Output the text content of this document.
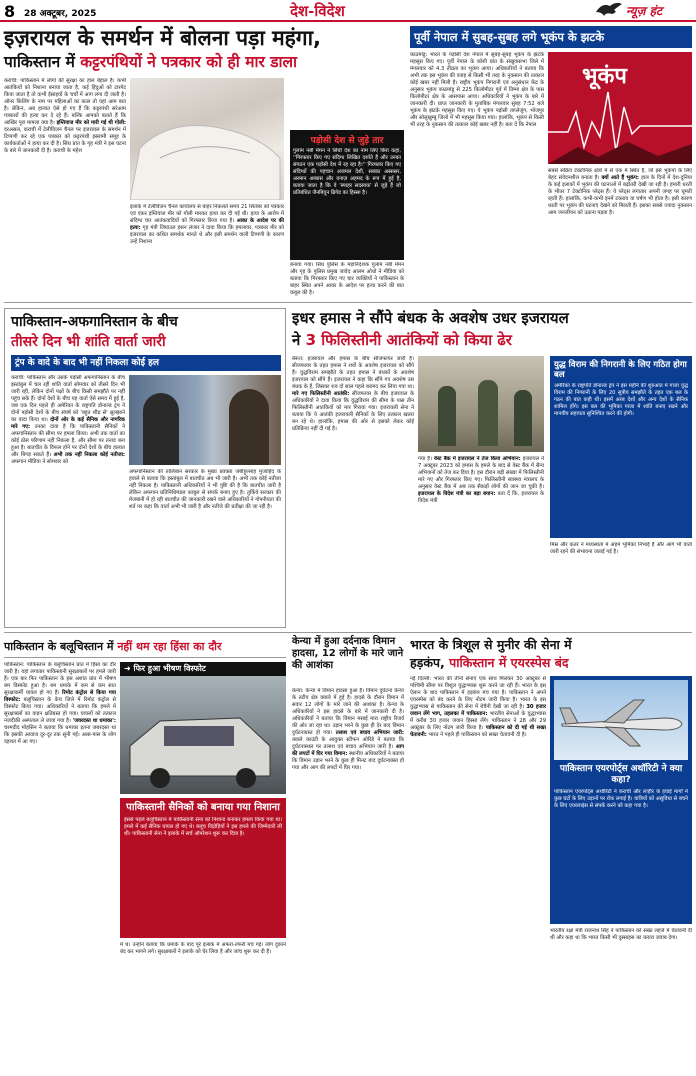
8 28 अक्टूबर, 2025	देश-विदेश	न्यूज़ हंट
इज़रायल के समर्थन में बोलना पड़ा महंगा,
पाकिस्तान में कट्टरपंथियों ने पत्रकार को ही मार डाला
कराची: पाकिस्तान में लोगों की सुरक्षा का हाल बेहाल है। कभी आतंकियों को निशाना बनाया जाता है, कई हिंदुओं को टारगेट किया जाता है तो कभी ईसाइयों के चर्चों में आग लगा दी जाती है। ऑनर किलिंग के नाम पर महिलाओं का कत्ल तो यहां आम बात है। लेकिन, अब हालात ऐसे हो गए हैं कि कट्टरपंथी सरेआम पत्रकारों की हत्या कर दे रहे हैं। बल्कि आपको बताते हैं कि आखिर पूरा मामला क्या है। इम्तियाज मीर को मारी गई थी गोली: दरअसल, कराची में टेलीविजन चैनल पर इजरायल के समर्थन में टिप्पणी कर रहे एक पत्रकार को कट्टरपंथी इस्लामी समूह के कार्यकर्ताओं ने हत्या कर दी है। सिंध प्रांत के गृह मंत्री ने इस घटना के बारे में जानकारी दी है। कराची के महेश
इलाके में टेलीविजन चैनल कार्यालय से बाहर निकलते समय 21 सितंबर को पत्रकार एवं एंकर इम्तियाज मीर को गोली मारकर हत्या कर दी गई थी। हत्या के आरोप में संदिग्ध चार आतंकवादियों को गिरफ्तार किया गया है। आका के आदेश पर की हत्या: गृह मंत्री जियाउल हसन लंजार ने दावा किया कि हमलावर, पत्रकार मीर को इजरायल का कथित समर्थक मानते थे और इसी समर्थन वाली टिप्पणी के कारण उन्हें निशाना
पड़ोसी देश से जुड़े तार
गुलाम नबी मेमन ने सिंधी देश का नाम लिए बिना कहा, ''गिरफ्तार किए गए संदिग्ध लिखित दर्शाते हैं और उनका संगठन एक पड़ोसी देश में रह रहा है।'' गिरफ्तार किए गए संदिग्धों की पहचान अजमल देशी, सबका अस्ससर, अरमान अब्बास और वनाज़ अहमद के रूप में हुई है, बताया जाता है कि वे 'स्पाहर सदस्यक' से जुड़े हैं जो प्रतिबंधित जैनबियुन ब्रिगेड का हिस्सा है।
बनाया गया। सिंध पुलिस के महानिदेशक गुलाम नबी मेमन और गृह के पुलिस प्रमुख जावेद आलम ओधो ने मीडिया को बताया कि गिरफ्तार किए गए चार व्यक्तियों ने पाकिस्तान के बाहर स्थित अपने आका के आदेश पर हत्या करने की बात कबूल की है।
पूर्वी नेपाल में सुबह-सुबह लगे भूकंप के झटके
काठमांडू: भारत के पड़ोसी देश नेपाल में सुबह-सुबह भूकंप के झटके महसूस किए गए। पूर्वी नेपाल के कोशी प्रांत के संखुवासभा जिले में मंगलवार को 4.3 तीव्रता का भूकंप आया। अधिकारियों ने बताया कि अभी तक इस भूकंप की वजह से किसी भी तरह के नुकसान की तत्काल कोई खबर नहीं मिली है। राष्ट्रीय भूकंप निगरानी एवं अनुसंधान केंद्र के अनुसार भूकंप काठमांडू से 225 किलोमीटर पूर्व में तिम्मा क्षेत्र के पास किलोमीटर क्षेत्र के आसपास आया। अधिकारियों ने भूकंप के बारे में जानकारी दी। प्राप्त जानकारी के मुताबिक मंगलवार सुबह 7:52 बजे भूकंप के झटके महसूस किए गए। ये भूकंप पड़ोसी ताप्लेजुंग, भोजपुर और सोलुखुम्बु जिलों में भी महसूस किया गया। हालांकि, भूकंप से किसी भी तरह के नुकसान की तत्काल कोई खबर नहीं है। बता दें कि नेपाल
भूकंप
सबसे सक्रिय टेक्टोनिक क्षेत्रों में से एक में स्थित है, जो इसे भूकंपों के लिए बेहद संवेदनशील बनाता है। क्यों आते हैं भूकंप: हाल के दिनों में देश-दुनिया के कई इलाकों में भूकंप की घटनाओं में बढ़ोतरी देखी जा रही है। हमारी धरती के भीतर 7 टेक्टोनिक प्लेट्स हैं। ये प्लेट्स लगातार अपनी जगह पर घूमती रहती हैं। हालांकि, कभी-कभी इनमें टकराव या घर्षण भी होता है। इसी कारण धरती पर भूकंप की घटनाएं देखने को मिलती हैं। इसका सबसे ज्यादा नुकसान आम जनजीवन को उठाना पड़ता है।
पाकिस्तान-अफगानिस्तान के बीच
तीसरे दिन भी शांति वार्ता जारी
ट्रंप के वादे के बाद भी नहीं निकला कोई हल
कराची: पाकिस्तान और उसके पड़ोसी अफगानिस्तान के बीच इस्तांबुल में चल रही शांति वार्ता सोमवार को तीसरे दिन भी जारी रही, लेकिन दोनों पक्षों के बीच किसी समझौते पर नहीं पहुंच सके हैं। दोनों देशों के बीच यह वार्ता ऐसे समय में हुई है, जब एक दिन पहले ही अमेरिका के राष्ट्रपति डोनाल्ड ट्रंप ने दोनों पड़ोसी देशों के बीच संघर्ष को 'बहुत शीघ्र से' सुलझाने का वादा किया था। दोनों ओर के कई सैनिक और नागरिक मारे गए: उनका दावा है कि पाकिस्तानी सैनिकों ने अफगानिस्तान की सीमा पर हमला किया। अभी तक वार्ता का कोई ठोस परिणाम नहीं निकला है, और सीमा पर तनाव बना हुआ है। बातचीत के विफल होने पर दोनों देशों के बीच हालात और बिगड़ सकते हैं। अभी तक नहीं निकला कोई नतीजा: अफगान मीडिया ने सोमवार को
अफगानिस्तान की तालिबान सरकार के मुख्य प्रवक्ता जबीहुल्लाह मुजाहिद के हवाले से बताया कि इस्तांबुल में बातचीत अब भी जारी है। अभी तक कोई नतीजा नहीं निकला है। पाकिस्तानी अधिकारियों ने भी पुष्टि की है कि बातचीत जारी है लेकिन अफगान प्रतिनिधिमंडल काबुल से संपर्क बनाए हुए है। तुर्किये सरकार की मेजबानी में हो रही बातचीत की जानकारी रखने वाले अधिकारियों ने गोपनीयता की शर्त पर कहा कि वार्ता अभी भी जारी है और नतीजे की प्रतीक्षा की जा रही है।
इधर हमास ने सौंपे बंधक के अवशेष उधर इजरायल
ने 3 फिलिस्तीनी आतंकियों को किया ढेर
बेरूत: इजरायल और हमास के बीच सीजफायर जारी है। सीजफायर के तहत हमास ने शवों के अवशेष इजरायल को सौंपे हैं। युद्धविराम समझौते के तहत हमास ने बंधकों के अवशेष इजरायल को सौंपे हैं। इजरायल ने कहा कि सौंपे गए अवशेष उस बंधक के हैं, जिसका शव दो साल पहले बरामद कर लिया गया था। मारे गए फिलिस्तीनी आतंकी: सीजफायर के बीच इजरायल के अधिकारियों ने दावा किया कि युद्धविराम की सीमा के पास तीन फिलिस्तीनी आतंकियों को मार गिराया गया। इजरायली सेना ने बताया कि ये आतंकी इजरायली सैनिकों के लिए तत्काल खतरा बन रहे थे। हालांकि, हमास की ओर से इसको लेकर कोई प्रतिक्रिया नहीं दी गई है।
गया है। वेस्ट बैंक में इजरायल ने तेज किया अभियान: इजरायल ने 7 अक्टूबर 2023 को हमास के हमले के बाद से वेस्ट बैंक में सैन्य अभियानों को तेज कर दिया है। इस दौरान बड़ी संख्या में फिलिस्तीनी मारे गए और गिरफ्तार किए गए। फिलिस्तीनी स्वास्थ्य मंत्रालय के अनुसार वेस्ट बैंक में अब तक सैकड़ों लोगों की जान जा चुकी है। इजरायल के विदेश मंत्री का बड़ा बयान: बता दें कि, इजरायल के विदेश मंत्री
युद्ध विराम की निगरानी के लिए गठित होगा बल
अमेरिका के राष्ट्रपति डोनाल्ड ट्रंप ने इस महीने की शुरुआत में गाजा युद्ध विराम की निगरानी के लिए 20 सूत्रीय समझौते के तहत एक बल के गठन की बात कही थी। इसमें अरब देशों और अन्य देशों के सैनिक शामिल होंगे। इस बल की भूमिका गाजा में शांति बनाए रखने और मानवीय सहायता सुनिश्चित करने की होगी।
मिस्र और कतर ने मध्यस्थता में अहम भूमिका निभाई है और आगे भी वार्ता जारी रहने की संभावना जताई गई है।
पाकिस्तान के बलूचिस्तान में नहीं थम रहा हिंसा का दौर
पाकिस्तान: पाकिस्तान के बलूचिस्तान प्रांत में हिंसा का दौर जारी है। यहां लगातार पाकिस्तानी सुरक्षाबलों पर हमले जारी हैं। एक बार फिर पाकिस्तान के इस अशांत प्रांत में भीषण बम विस्फोट हुआ है। बम धमाके में कम से कम सात सुरक्षाकर्मी घायल हो गए हैं। रिमोट कंट्रोल से किया गया विस्फोट: बलूचिस्तान के केच जिले में रिमोट कंट्रोल से विस्फोट किया गया। अधिकारियों ने बताया कि हमले में सुरक्षाबलों का वाहन क्षतिग्रस्त हो गया। घायलों को तत्काल नजदीकी अस्पताल ले जाया गया है। 'जवरदस्त था धमाका': चश्मदीद मोहसिन ने बताया कि धमाका इतना जबरदस्त था कि इसकी आवाज दूर-दूर तक सुनी गई। आस-पास के लोग दहशत में आ गए।
➜ फिर हुआ भीषण विस्फोट
पाकिस्तानी सैनिकों को बनाया गया निशाना
इससे पहले बलूचिस्तान में पाकिस्तानी सेना को निशाना बनाकर हमला किया गया था। हमले में कई सैनिक घायल हो गए थे। बलूच विद्रोहियों ने इस हमले की जिम्मेदारी ली थी। पाकिस्तानी सेना ने इलाके में सर्च ऑपरेशन शुरू कर दिया है।
में थे। उन्होंने बताया कि धमाके के बाद पूरे इलाके में अफरा-तफरी मच गई। लोग दुकानें बंद कर भागने लगे। सुरक्षाबलों ने इलाके को घेर लिया है और जांच शुरू कर दी है।
केन्या में हुआ दर्दनाक विमान हादसा, 12 लोगों के मारे जाने की आशंका
केन्या: केन्या में विमान हादसा हुआ है। विमान दुर्घटना केन्या के तटीय क्षेत्र क्वाले में हुई है। हादसे के दौरान विमान में सवार 12 लोगों के मारे जाने की आशंका है। केन्या के अधिकारियों ने इस हादसे के बारे में जानकारी दी है। अधिकारियों ने बताया कि विमान मसाई मारा राष्ट्रीय रिजर्व की ओर जा रहा था। उड़ान भरने के कुछ ही देर बाद विमान दुर्घटनाग्रस्त हो गया। तलाश एवं बचाव अभियान जारी: क्वाले काउंटी के आयुक्त स्टीफन ओरिंडे ने बताया कि दुर्घटनास्थल पर तलाश एवं बचाव अभियान जारी है। आग की लपटों में घिर गया विमान: स्थानीय अधिकारियों ने बताया कि विमान उड़ान भरने के कुछ ही मिनट बाद दुर्घटनाग्रस्त हो गया और आग की लपटों में घिर गया।
भारत के त्रिशूल से मुनीर की सेना में
हड़कंप, पाकिस्तान में एयरस्पेस बंद
नई दिल्ली: भारत की तीनों सेनाएं एक साथ मिलकर 30 अक्टूबर से पश्चिमी सीमा पर त्रिशूल युद्धाभ्यास शुरू करने जा रही हैं। भारत के इस ऐलान के बाद पाकिस्तान में हड़कंप मच गया है। पाकिस्तान ने अपने एयरस्पेस को बंद करने के लिए नोटम जारी किया है। भारत के इस युद्धाभ्यास से पाकिस्तान की सेना में बेचैनी देखी जा रही है। 30 हजार जवान लेंगे भाग, तहलका में पाकिस्तान: भारतीय सेनाओं के युद्धाभ्यास में करीब 30 हजार जवान हिस्सा लेंगे। पाकिस्तान ने 28 और 29 अक्टूबर के लिए नोटम जारी किया है। पाकिस्तान को दी गई थी सख्त चेतावनी: भारत ने पहले ही पाकिस्तान को सख्त चेतावनी दी है।
पाकिस्तान एयरपोर्ट्स अथॉरिटी ने क्या कहा?
पाकिस्तान एयरपोर्ट्स अथॉरिटी ने कराची और लाहौर के हवाई मार्गों में कुछ घंटों के लिए उड़ानों पर रोक लगाई है। यात्रियों को असुविधा से बचने के लिए एयरलाइंस से संपर्क करने को कहा गया है।
भारतीय रक्षा मंत्री राजनाथ सिंह ने पाकिस्तान को सख्त लहजे में चेतावनी दी थी और कहा था कि भारत किसी भी दुस्साहस का करारा जवाब देगा।
